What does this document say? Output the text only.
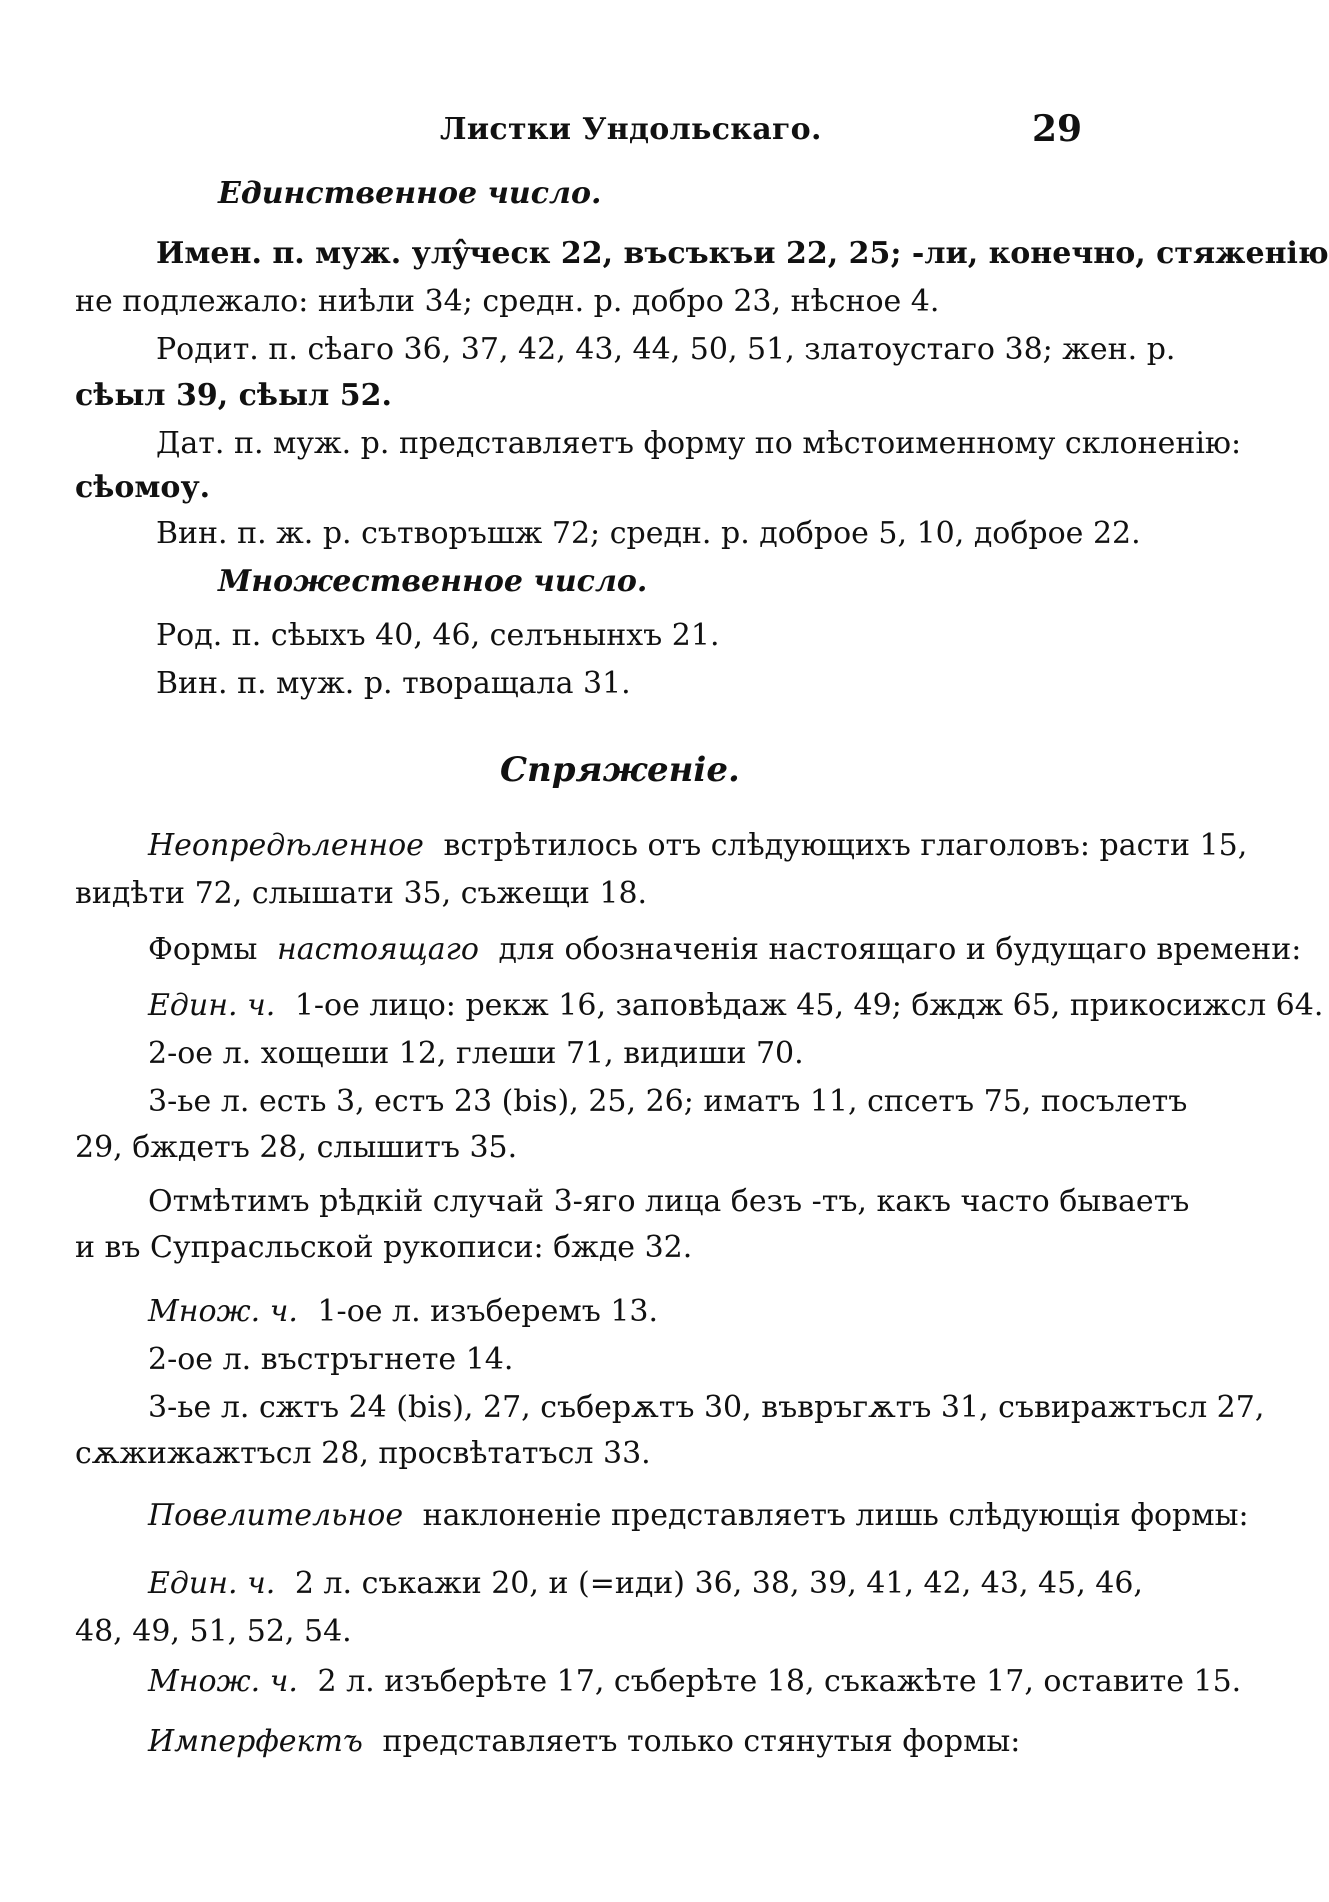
Листки Ундольскаго.	29
Единственное число.
Имен. п. муж. улŷческ 22, въсъкъи 22, 25; -ли, конечно, стяженію
не подлежало: ниѣли 34; средн. р. добро 23, нѣсное 4.
Родит. п. сѣаго 36, 37, 42, 43, 44, 50, 51, златоустаго 38; жен. р.
сѣыл 39, сѣыл 52.
Дат. п. муж. р. представляетъ форму по мѣстоименному склоненію:
сѣомоу.
Вин. п. ж. р. сътворъшж 72; средн. р. доброе 5, 10, доброе 22.
Множественное число.
Род. п. сѣыхъ 40, 46, селънынхъ 21.
Вин. п. муж. р. творащала 31.
Спряженіе.
Неопредѣленное встрѣтилось отъ слѣдующихъ глаголовъ: расти 15,
видѣти 72, слышати 35, съжещи 18.
Формы настоящаго для обозначенія настоящаго и будущаго времени:
Един. ч. 1-ое лицо: рекж 16, заповѣдаж 45, 49; бждж 65, прикосижсл 64.
2-ое л. хощеши 12, глеши 71, видиши 70.
3-ье л. есть 3, естъ 23 (bis), 25, 26; иматъ 11, спсетъ 75, посълетъ
29, бждетъ 28, слышитъ 35.
Отмѣтимъ рѣдкій случай 3-яго лица безъ -тъ, какъ часто бываетъ
и въ Супрасльской рукописи: бжде 32.
Множ. ч. 1-ое л. изъберемъ 13.
2-ое л. въстръгнете 14.
3-ье л. сжтъ 24 (bis), 27, съберѫтъ 30, въвръгѫтъ 31, съвиражтъсл 27,
сѫжижажтъсл 28, просвѣтатъсл 33.
Повелительное наклоненіе представляетъ лишь слѣдующія формы:
Един. ч. 2 л. съкажи 20, и (=иди) 36, 38, 39, 41, 42, 43, 45, 46,
48, 49, 51, 52, 54.
Множ. ч. 2 л. изъберѣте 17, съберѣте 18, съкажѣте 17, оставите 15.
Имперфектъ представляетъ только стянутыя формы:
